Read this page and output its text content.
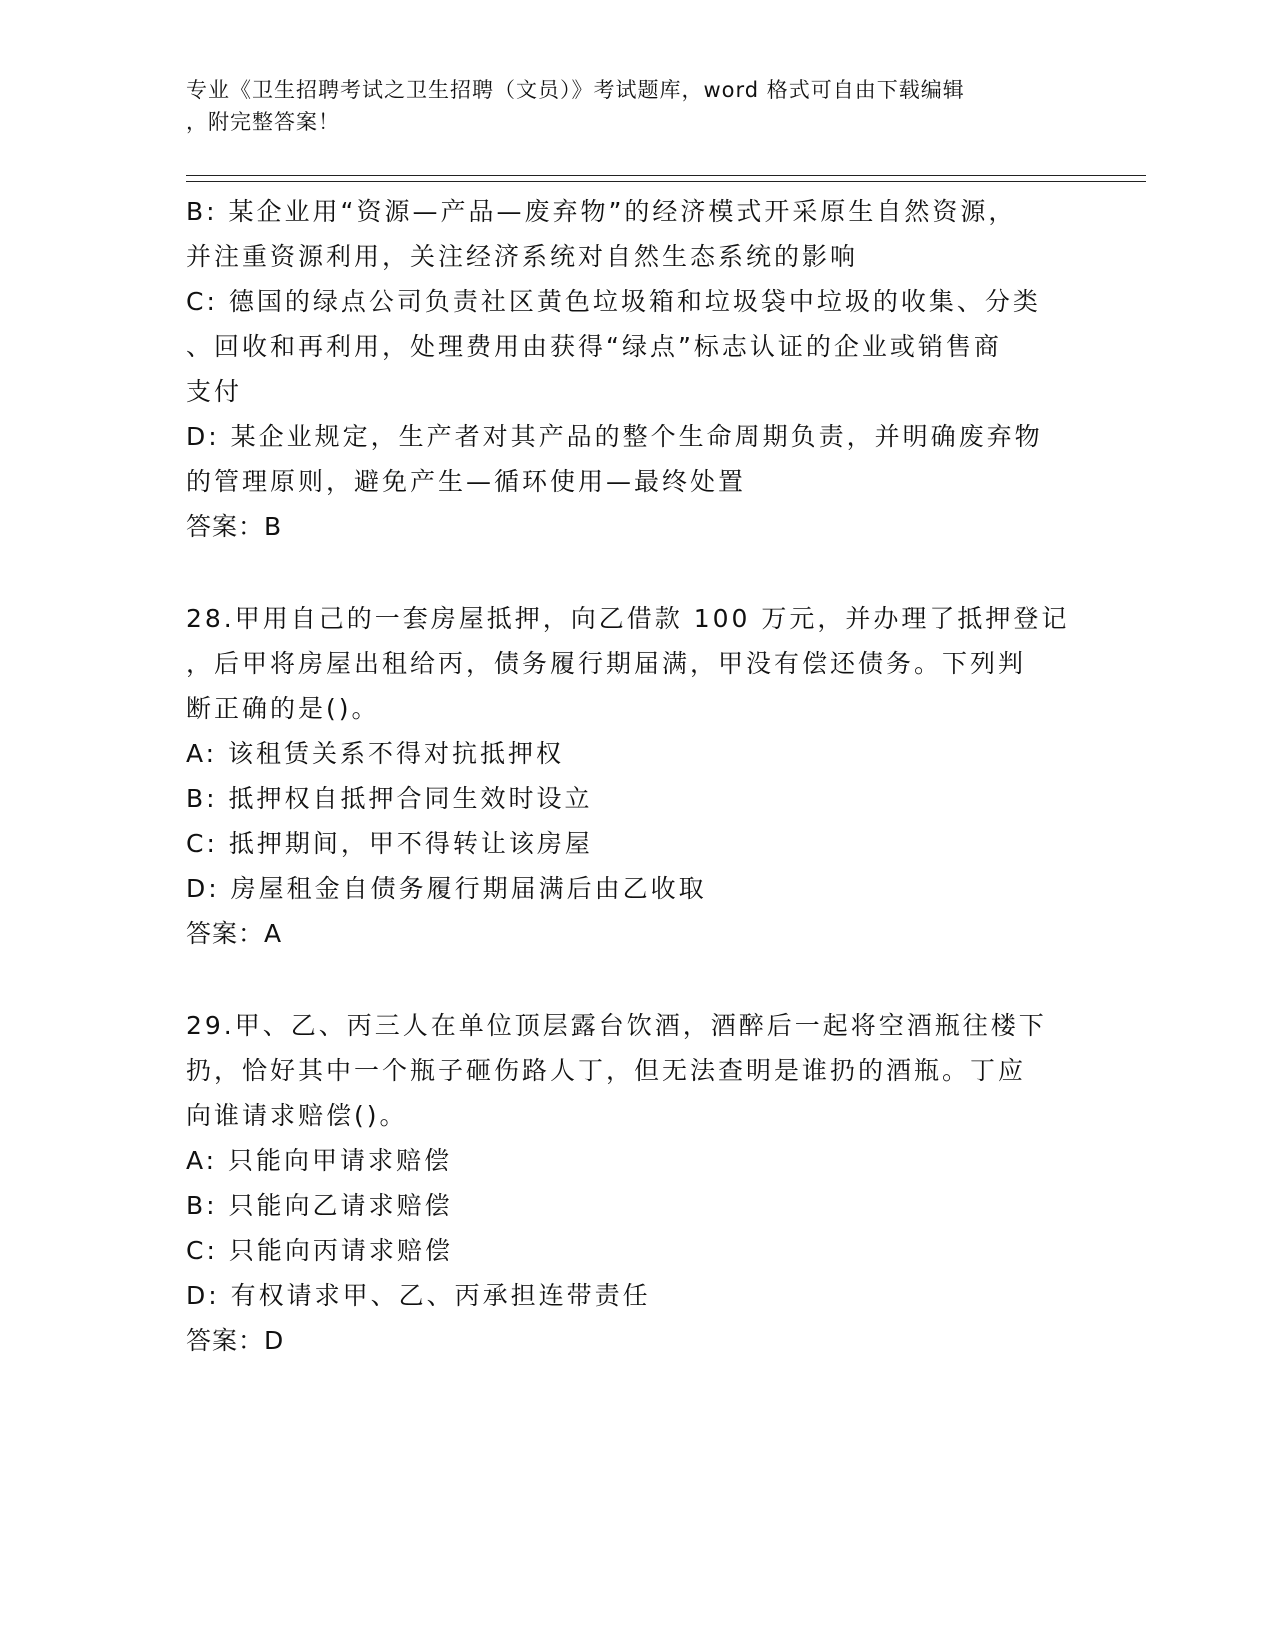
专业《卫生招聘考试之卫生招聘（文员）》考试题库，word 格式可自由下载编辑
，附完整答案！
B: 某企业用“资源—产品—废弃物”的经济模式开采原生自然资源，
并注重资源利用，关注经济系统对自然生态系统的影响
C: 德国的绿点公司负责社区黄色垃圾箱和垃圾袋中垃圾的收集、分类
、回收和再利用，处理费用由获得“绿点”标志认证的企业或销售商
支付
D: 某企业规定，生产者对其产品的整个生命周期负责，并明确废弃物
的管理原则，避免产生—循环使用—最终处置
答案：B
28.甲用自己的一套房屋抵押，向乙借款 100 万元，并办理了抵押登记
，后甲将房屋出租给丙，债务履行期届满，甲没有偿还债务。下列判
断正确的是()。
A: 该租赁关系不得对抗抵押权
B: 抵押权自抵押合同生效时设立
C: 抵押期间，甲不得转让该房屋
D: 房屋租金自债务履行期届满后由乙收取
答案：A
29.甲、乙、丙三人在单位顶层露台饮酒，酒醉后一起将空酒瓶往楼下
扔，恰好其中一个瓶子砸伤路人丁，但无法查明是谁扔的酒瓶。丁应
向谁请求赔偿()。
A: 只能向甲请求赔偿
B: 只能向乙请求赔偿
C: 只能向丙请求赔偿
D: 有权请求甲、乙、丙承担连带责任
答案：D
